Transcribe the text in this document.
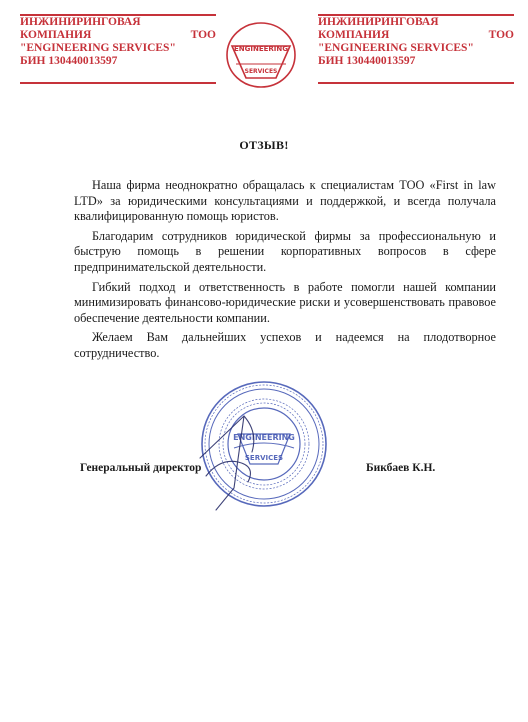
ИНЖИНИРИНГОВАЯ
КОМПАНИЯ	ТОО
"ENGINEERING SERVICES"
БИН 130440013597
ENGINEERING
SERVICES
ИНЖИНИРИНГОВАЯ
КОМПАНИЯ	ТОО
"ENGINEERING SERVICES"
БИН 130440013597
ОТЗЫВ!

Наша фирма неоднократно обращалась к специалистам ТОО «First in law LTD» за юридическими консультациями и поддержкой, и всегда получала квалифицированную помощь юристов.

Благодарим сотрудников юридической фирмы за профессиональную и быструю помощь в решении корпоративных вопросов в сфере предпринимательской деятельности.

Гибкий подход и ответственность в работе помогли нашей компании минимизировать финансово-юридические риски и усовершенствовать правовое обеспечение деятельности компании.

Желаем Вам дальнейших успехов и надеемся на плодотворное сотрудничество.

ENGINEERING
SERVICES
Генеральный директор	Бикбаев К.Н.
